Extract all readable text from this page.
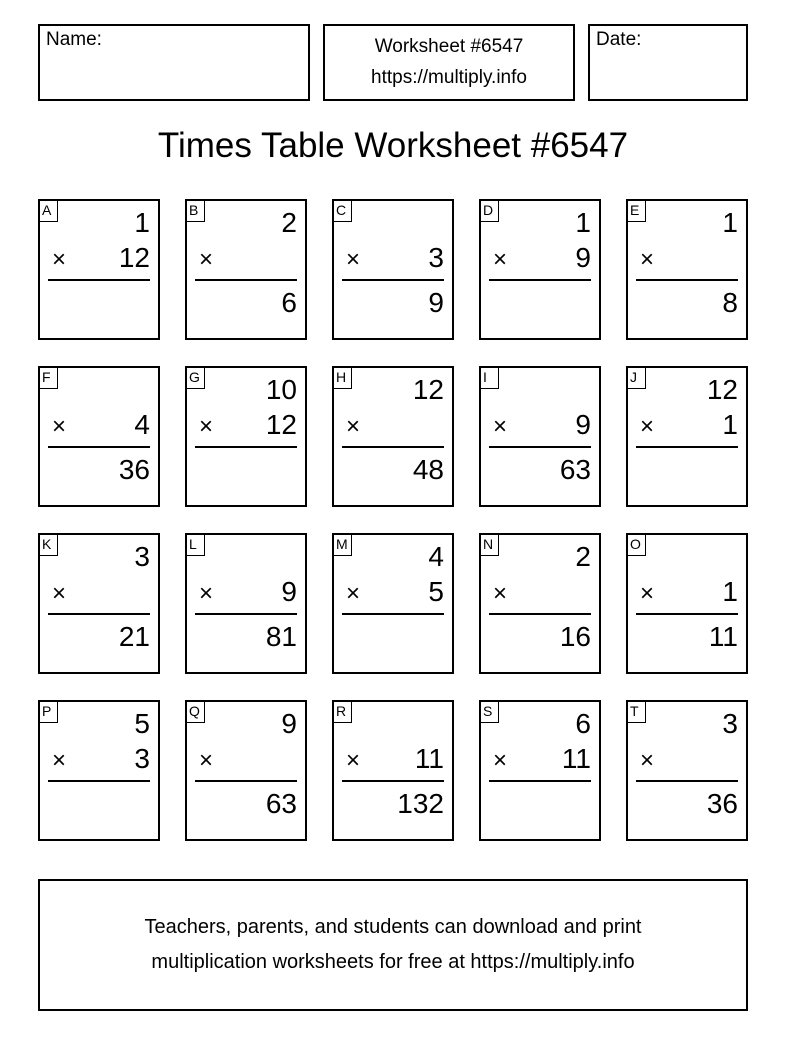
Name:	Worksheet #6547
https://multiply.info
Date:
Times Table Worksheet #6547
A	1
× 12
B	2
×
6
C
× 3
9
D	1
× 9
E	1
×
8
F
× 4
36
G 10
× 12
H 12
×
48
I
× 9
63
J	12
× 1
K	3
×
21
L
× 9
81
M	4
× 5
N	2
×
16
O
× 1
11
P	5
× 3
Q	9
×
63
R
× 11
132
S	6
× 11
T	3
×
36
Teachers, parents, and students can download and print
multiplication worksheets for free at https://multiply.info
